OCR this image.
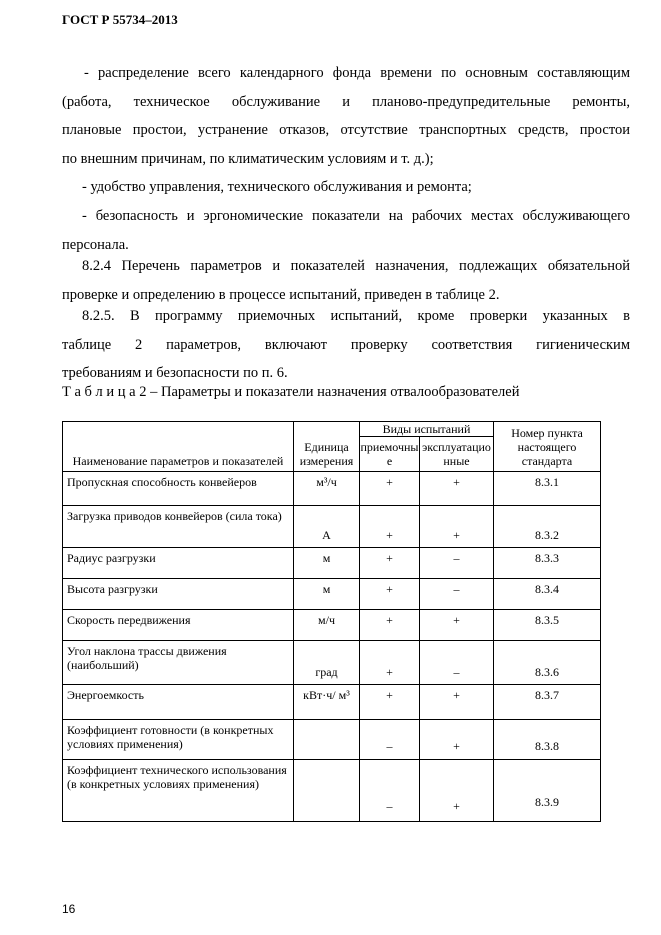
ГОСТ Р 55734–2013
- распределение всего календарного фонда времени по основным составляющим
(работа, техническое обслуживание и планово-предупредительные ремонты,
плановые простои, устранение отказов, отсутствие транспортных средств, простои
по внешним причинам, по климатическим условиям и т. д.);
- удобство управления, технического обслуживания и ремонта;
- безопасность и эргономические показатели на рабочих местах обслуживающего
персонала.
8.2.4 Перечень параметров и показателей назначения, подлежащих обязательной
проверке и определению в процессе испытаний, приведен в таблице 2.
8.2.5. В программу приемочных испытаний, кроме проверки указанных в
таблице 2 параметров, включают проверку соответствия гигиеническим
требованиям и безопасности по п. 6.
Т а б л и ц а 2 – Параметры и показатели назначения отвалообразователей
Наименование параметров и показателей	Единица измерения	Виды испытаний		Номер пункта настоящего стандарта
		приемочные	эксплуатационные	
Пропускная способность конвейеров	м³/ч	+	+	8.3.1
Загрузка приводов конвейеров (сила тока)	А	+	+	8.3.2
Радиус разгрузки	м	+	–	8.3.3
Высота разгрузки	м	+	–	8.3.4
Скорость передвижения	м/ч	+	+	8.3.5
Угол наклона трассы движения (наибольший)	град	+	–	8.3.6
Энергоемкость	кВт·ч/ м³	+	+	8.3.7
Коэффициент готовности (в конкретных условиях применения)		–	+	8.3.8
Коэффициент технического использования (в конкретных условиях применения)		–	+	8.3.9
16
